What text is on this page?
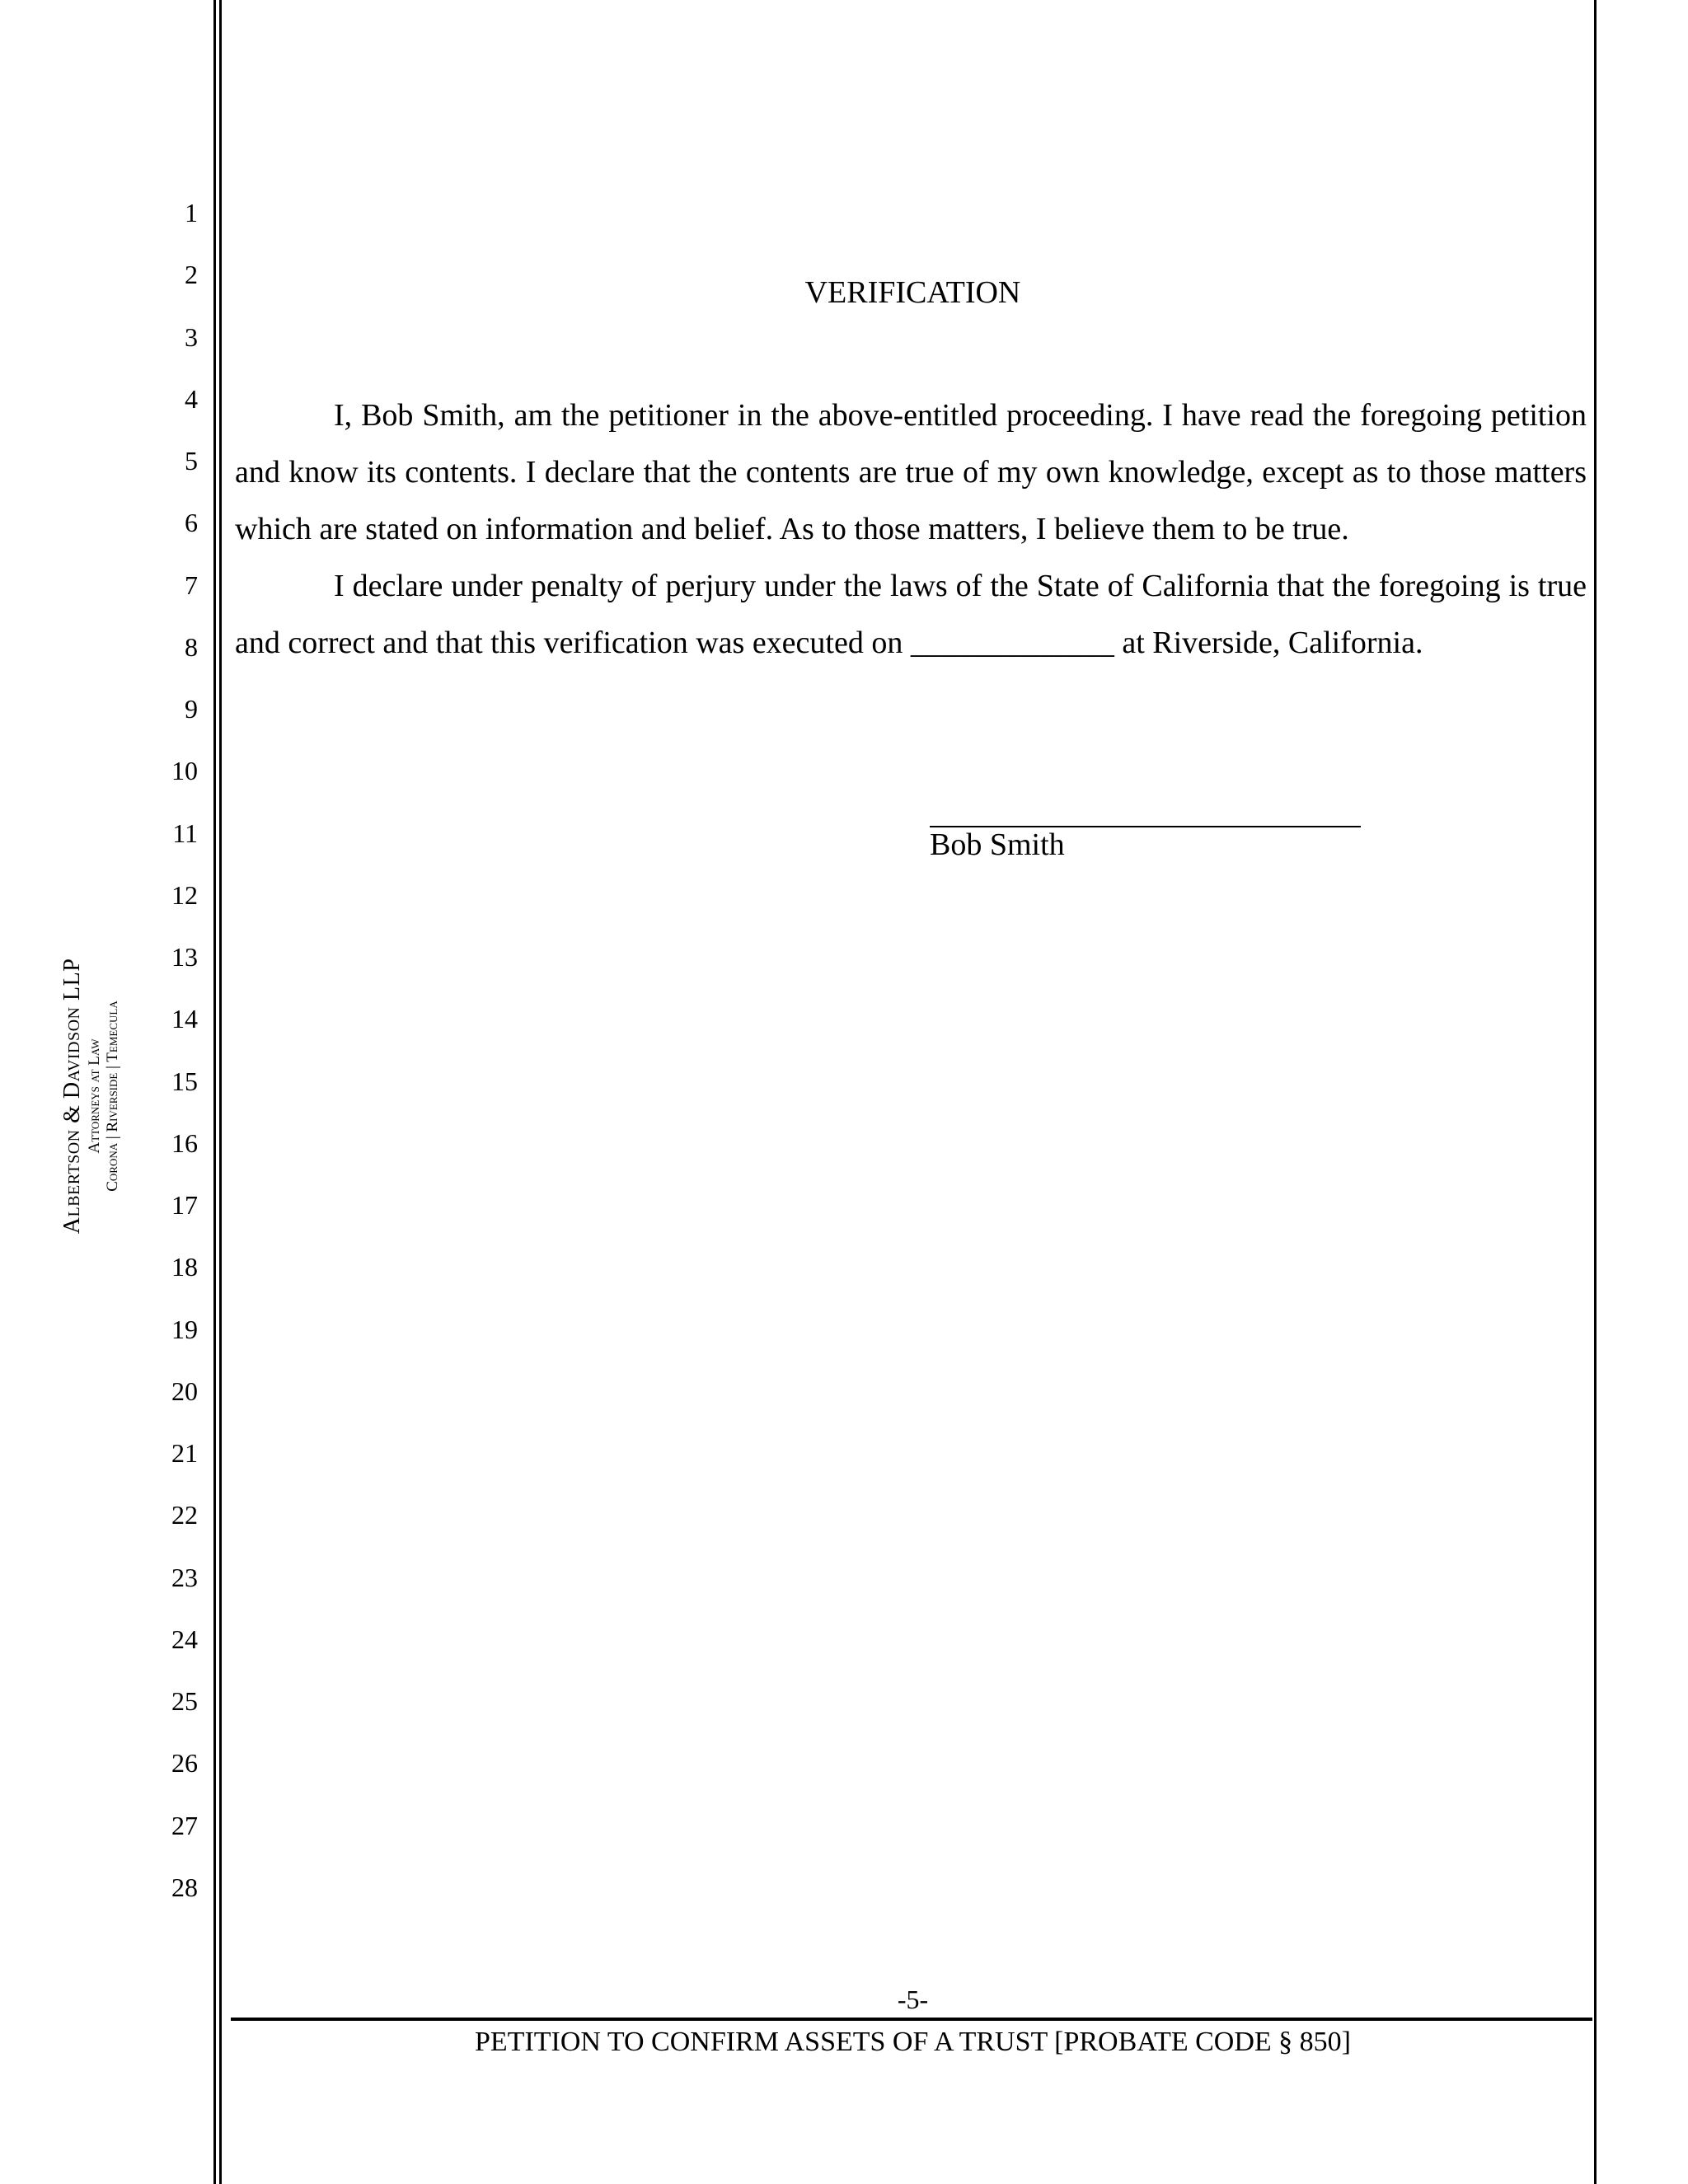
Albertson & Davidson LLP Attorneys at Law Corona | Riverside | Temecula
1
2
3
4
5
6
7
8
9
10
11
12
13
14
15
16
17
18
19
20
21
22
23
24
25
26
27
28
VERIFICATION

I, Bob Smith, am the petitioner in the above-entitled proceeding. I have read the foregoing petition and know its contents. I declare that the contents are true of my own knowledge, except as to those matters which are stated on information and belief. As to those matters, I believe them to be true.

I declare under penalty of perjury under the laws of the State of California that the foregoing is true and correct and that this verification was executed on _____________ at Riverside, California.

Bob Smith
-5-
PETITION TO CONFIRM ASSETS OF A TRUST [PROBATE CODE § 850]
